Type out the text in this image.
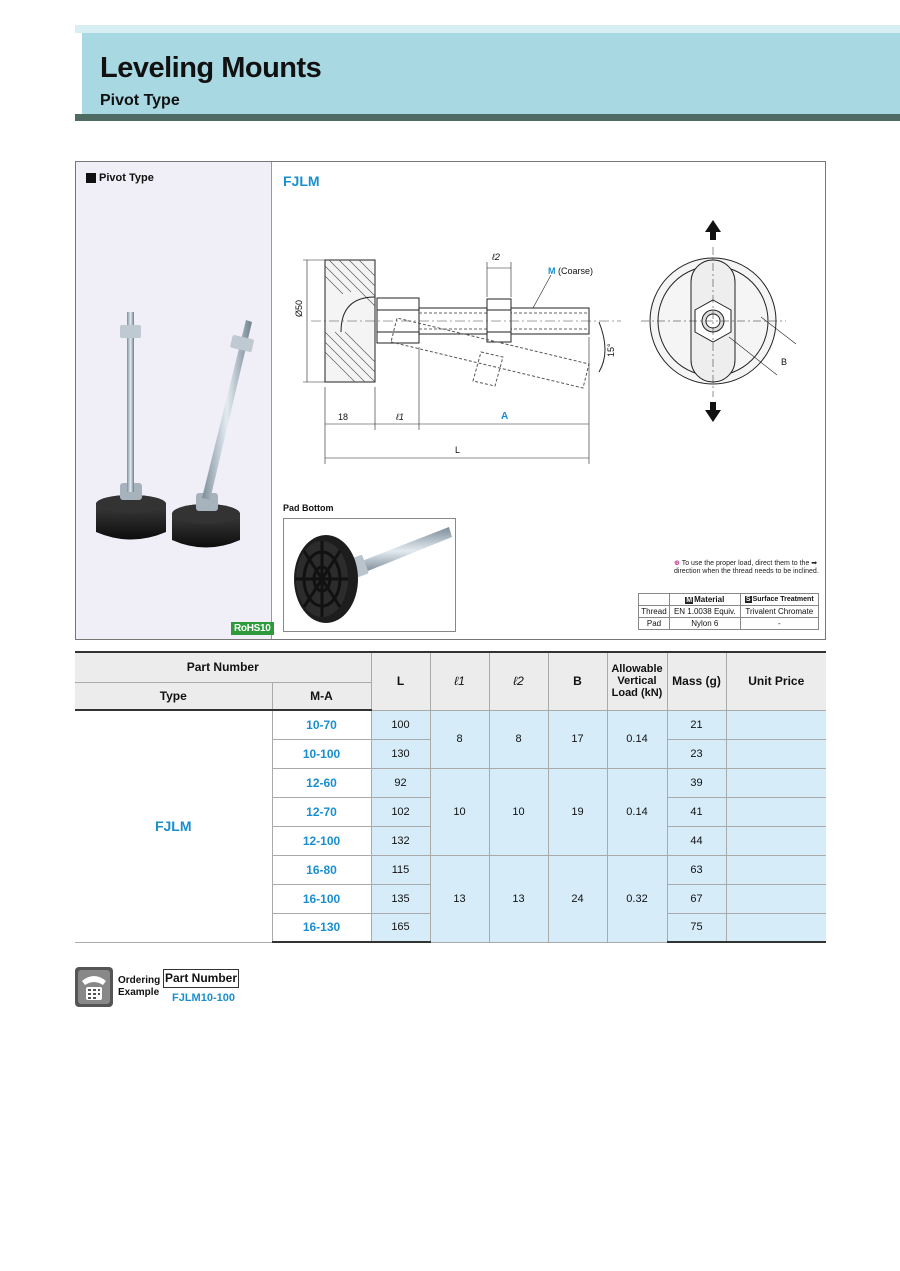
Leveling Mounts
Pivot Type
Pivot Type
RoHS10
FJLM
Ø50
18	ℓ1	A
L
ℓ2
B
15°
M (Coarse)
Pad Bottom
⊕ To use the proper load, direct them to the ➡ direction when the thread needs to be inclined.
	M Material	S Surface Treatment
Thread	EN 1.0038 Equiv.	Trivalent Chromate
Pad	Nylon 6	-
Part Number		L	ℓ1	ℓ2	B	Allowable Vertical Load (kN)	Mass (g)	Unit Price
Type	M-A							
FJLM	10-70	100	8	8	17	0.14	21	
	10-100	130					23	
	12-60	92	10	10	19	0.14	39	
	12-70	102					41	
	12-100	132					44	
	16-80	115	13	13	24	0.32	63	
	16-100	135					67	
	16-130	165					75	
Ordering
Example
Part Number
FJLM10-100
